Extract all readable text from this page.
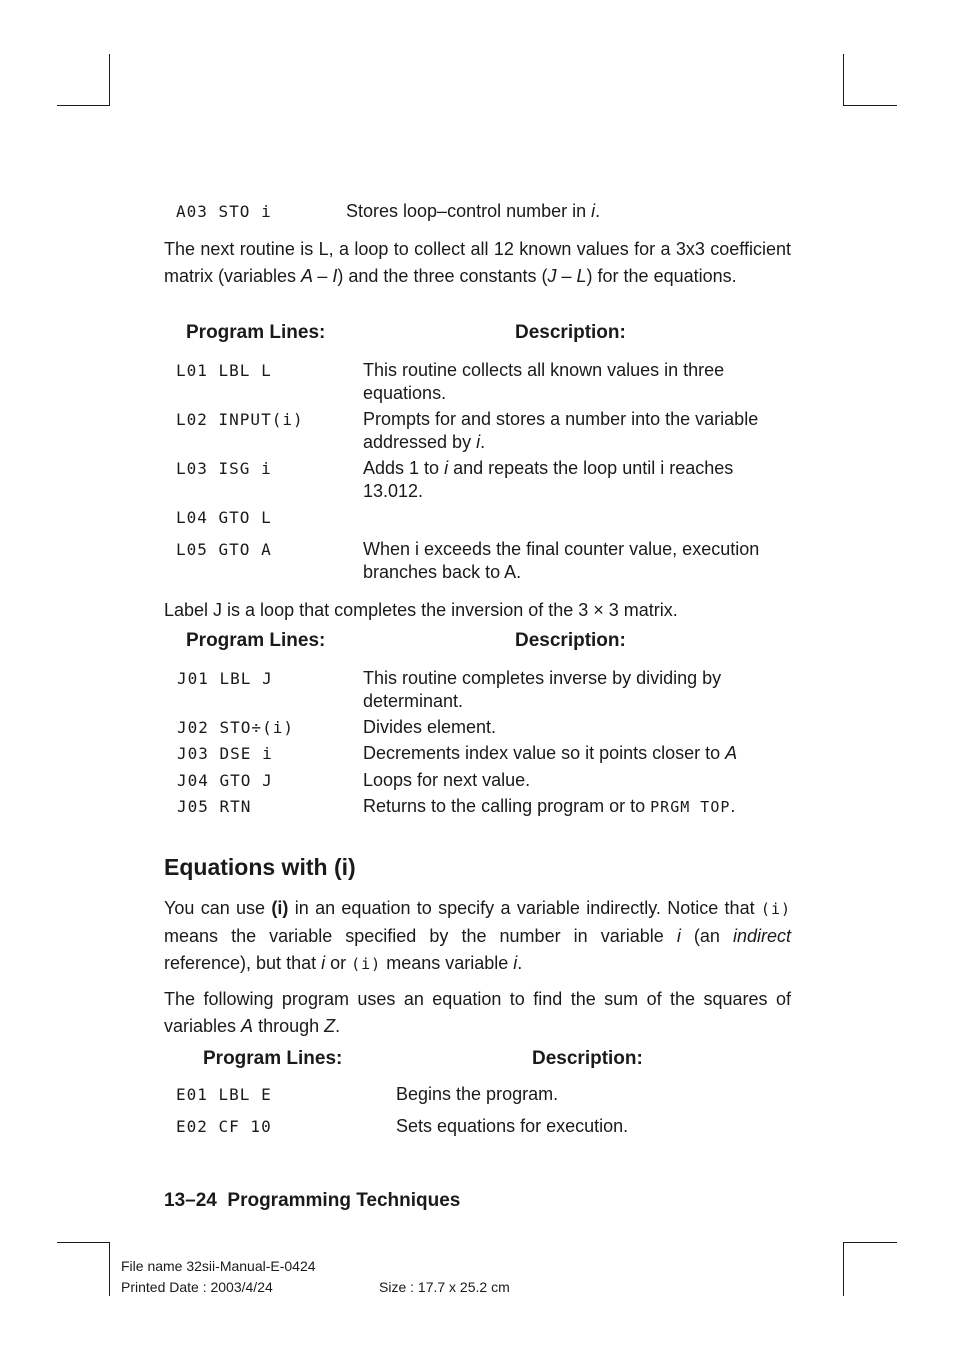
A03 STO i	Stores loop–control number in i.
The next routine is L, a loop to collect all 12 known values for a 3x3 coefficient matrix (variables A – I) and the three constants (J – L) for the equations.
Program Lines:	Description:
L01 LBL L	This routine collects all known values in three equations.
L02 INPUT(i)	Prompts for and stores a number into the variable addressed by i.
L03 ISG i	Adds 1 to i and repeats the loop until i reaches 13.012.
L04 GTO L
L05 GTO A	When i exceeds the final counter value, execution branches back to A.
Label J is a loop that completes the inversion of the 3 × 3 matrix.
Program Lines:	Description:
J01 LBL J	This routine completes inverse by dividing by determinant.
J02 STO÷(i)	Divides element.
J03 DSE i	Decrements index value so it points closer to A
J04 GTO J	Loops for next value.
J05 RTN	Returns to the calling program or to PRGM TOP.
Equations with (i)
You can use (i) in an equation to specify a variable indirectly. Notice that (i) means the variable specified by the number in variable i (an indirect reference), but that i or (i) means variable i.
The following program uses an equation to find the sum of the squares of variables A through Z.
Program Lines:	Description:
E01 LBL E	Begins the program.
E02 CF 10	Sets equations for execution.
13–24 Programming Techniques
File name 32sii-Manual-E-0424
Printed Date : 2003/4/24	Size : 17.7 x 25.2 cm
